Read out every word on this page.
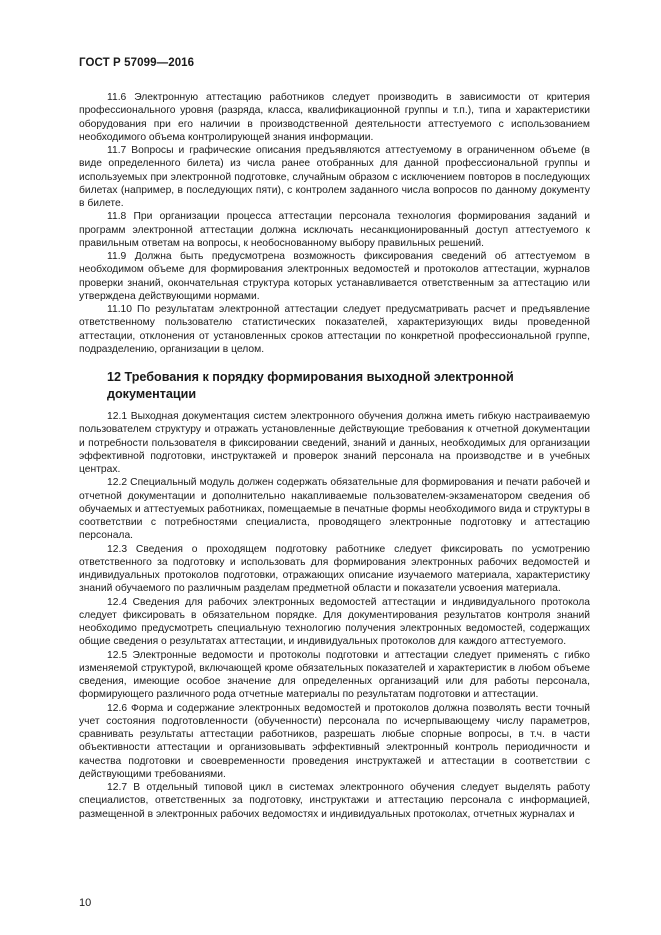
ГОСТ Р 57099—2016

11.6 Электронную аттестацию работников следует производить в зависимости от критерия профессионального уровня (разряда, класса, квалификационной группы и т.п.), типа и характеристики оборудования при его наличии в производственной деятельности аттестуемого с использованием необходимого объема контролирующей знания информации.

11.7 Вопросы и графические описания предъявляются аттестуемому в ограниченном объеме (в виде определенного билета) из числа ранее отобранных для данной профессиональной группы и используемых при электронной подготовке, случайным образом с исключением повторов в последующих билетах (например, в последующих пяти), с контролем заданного числа вопросов по данному документу в билете.

11.8 При организации процесса аттестации персонала технология формирования заданий и программ электронной аттестации должна исключать несанкционированный доступ аттестуемого к правильным ответам на вопросы, к необоснованному выбору правильных решений.

11.9 Должна быть предусмотрена возможность фиксирования сведений об аттестуемом в необходимом объеме для формирования электронных ведомостей и протоколов аттестации, журналов проверки знаний, окончательная структура которых устанавливается ответственным за аттестацию или утверждена действующими нормами.

11.10 По результатам электронной аттестации следует предусматривать расчет и предъявление ответственному пользователю статистических показателей, характеризующих виды проведенной аттестации, отклонения от установленных сроков аттестации по конкретной профессиональной группе, подразделению, организации в целом.

12 Требования к порядку формирования выходной электронной документации

12.1 Выходная документация систем электронного обучения должна иметь гибкую настраиваемую пользователем структуру и отражать установленные действующие требования к отчетной документации и потребности пользователя в фиксировании сведений, знаний и данных, необходимых для организации эффективной подготовки, инструктажей и проверок знаний персонала на производстве и в учебных центрах.

12.2 Специальный модуль должен содержать обязательные для формирования и печати рабочей и отчетной документации и дополнительно накапливаемые пользователем-экзаменатором сведения об обучаемых и аттестуемых работниках, помещаемые в печатные формы необходимого вида и структуры в соответствии с потребностями специалиста, проводящего электронные подготовку и аттестацию персонала.

12.3 Сведения о проходящем подготовку работнике следует фиксировать по усмотрению ответственного за подготовку и использовать для формирования электронных рабочих ведомостей и индивидуальных протоколов подготовки, отражающих описание изучаемого материала, характеристику знаний обучаемого по различным разделам предметной области и показатели усвоения материала.

12.4 Сведения для рабочих электронных ведомостей аттестации и индивидуального протокола следует фиксировать в обязательном порядке. Для документирования результатов контроля знаний необходимо предусмотреть специальную технологию получения электронных ведомостей, содержащих общие сведения о результатах аттестации, и индивидуальных протоколов для каждого аттестуемого.

12.5 Электронные ведомости и протоколы подготовки и аттестации следует применять с гибко изменяемой структурой, включающей кроме обязательных показателей и характеристик в любом объеме сведения, имеющие особое значение для определенных организаций или для работы персонала, формирующего различного рода отчетные материалы по результатам подготовки и аттестации.

12.6 Форма и содержание электронных ведомостей и протоколов должна позволять вести точный учет состояния подготовленности (обученности) персонала по исчерпывающему числу параметров, сравнивать результаты аттестации работников, разрешать любые спорные вопросы, в т.ч. в части объективности аттестации и организовывать эффективный электронный контроль периодичности и качества подготовки и своевременности проведения инструктажей и аттестации в соответствии с действующими требованиями.

12.7 В отдельный типовой цикл в системах электронного обучения следует выделять работу специалистов, ответственных за подготовку, инструктажи и аттестацию персонала с информацией, размещенной в электронных рабочих ведомостях и индивидуальных протоколах, отчетных журналах и

10
